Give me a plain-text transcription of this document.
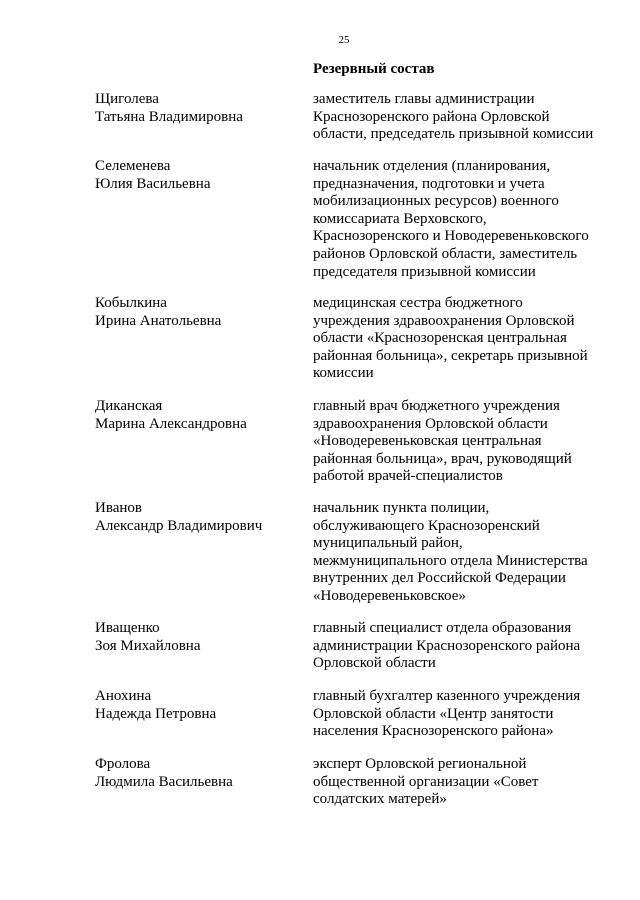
25
Резервный состав
Щиголева
Татьяна Владимировна
заместитель главы администрации
Краснозоренского района Орловской
области, председатель призывной комиссии
Селеменева
Юлия Васильевна
начальник отделения (планирования,
предназначения, подготовки и учета
мобилизационных ресурсов) военного
комиссариата Верховского,
Краснозоренского и Новодеревеньковского
районов Орловской области, заместитель
председателя призывной комиссии
Кобылкина
Ирина Анатольевна
медицинская сестра бюджетного
учреждения здравоохранения Орловской
области «Краснозоренская центральная
районная больница», секретарь призывной
комиссии
Диканская
Марина Александровна
главный врач бюджетного учреждения
здравоохранения Орловской области
«Новодеревеньковская центральная
районная больница», врач, руководящий
работой врачей-специалистов
Иванов
Александр Владимирович
начальник пункта полиции,
обслуживающего Краснозоренский
муниципальный район,
межмуниципального отдела Министерства
внутренних дел Российской Федерации
«Новодеревеньковское»
Иващенко
Зоя Михайловна
главный специалист отдела образования
администрации Краснозоренского района
Орловской области
Анохина
Надежда Петровна
главный бухгалтер казенного учреждения
Орловской области «Центр занятости
населения Краснозоренского района»
Фролова
Людмила Васильевна
эксперт Орловской региональной
общественной организации «Совет
солдатских матерей»
